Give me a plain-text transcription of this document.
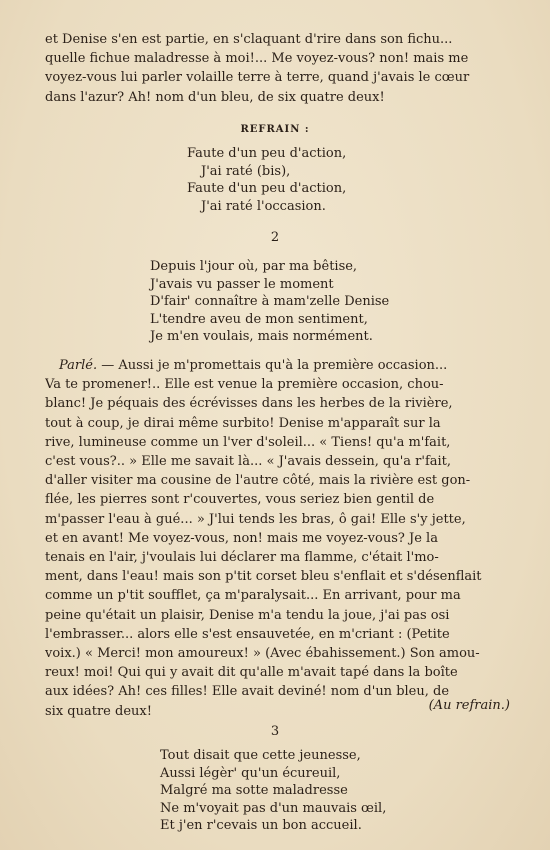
et Denise s'en est partie, en s'claquant d'rire dans son fichu...
quelle fichue maladresse à moi!... Me voyez-vous? non! mais me
voyez-vous lui parler volaille terre à terre, quand j'avais le cœur
dans l'azur? Ah! nom d'un bleu, de six quatre deux!
REFRAIN :
Faute d'un peu d'action,
J'ai raté (bis),
Faute d'un peu d'action,
J'ai raté l'occasion.
2
Depuis l'jour où, par ma bêtise,
J'avais vu passer le moment
D'fair' connaître à mam'zelle Denise
L'tendre aveu de mon sentiment,
Je m'en voulais, mais normément.
Parlé. — Aussi je m'promettais qu'à la première occasion...
Va te promener!.. Elle est venue la première occasion, chou-
blanc! Je péquais des écrévisses dans les herbes de la rivière,
tout à coup, je dirai même surbito! Denise m'apparaît sur la
rive, lumineuse comme un l'ver d'soleil... « Tiens! qu'a m'fait,
c'est vous?.. » Elle me savait là... « J'avais dessein, qu'a r'fait,
d'aller visiter ma cousine de l'autre côté, mais la rivière est gon-
flée, les pierres sont r'couvertes, vous seriez bien gentil de
m'passer l'eau à gué... » J'lui tends les bras, ô gai! Elle s'y jette,
et en avant! Me voyez-vous, non! mais me voyez-vous? Je la
tenais en l'air, j'voulais lui déclarer ma flamme, c'était l'mo-
ment, dans l'eau! mais son p'tit corset bleu s'enflait et s'désenflait
comme un p'tit soufflet, ça m'paralysait... En arrivant, pour ma
peine qu'était un plaisir, Denise m'a tendu la joue, j'ai pas osi
l'embrasser... alors elle s'est ensauvetée, en m'criant : (Petite
voix.) « Merci! mon amoureux! » (Avec ébahissement.) Son amou-
reux! moi! Qui qui y avait dit qu'alle m'avait tapé dans la boîte
aux idées? Ah! ces filles! Elle avait deviné! nom d'un bleu, de
six quatre deux!	(Au refrain.)
3
Tout disait que cette jeunesse,
Aussi légèr' qu'un écureuil,
Malgré ma sotte maladresse
Ne m'voyait pas d'un mauvais œil,
Et j'en r'cevais un bon accueil.
